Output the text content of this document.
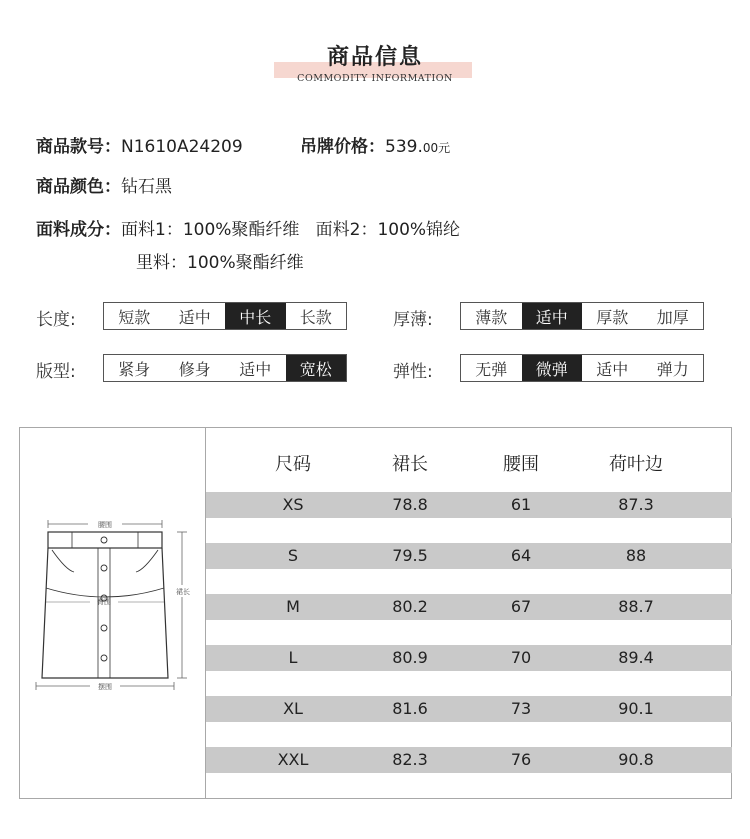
商品信息
COMMODITY INFORMATION
商品款号：N1610A24209	吊牌价格：539.00元
商品颜色：钻石黑
面料成分：面料1：100%聚酯纤维   面料2：100%锦纶
里料：100%聚酯纤维
长度:	短款	适中	中长	长款	厚薄:	薄款	适中	厚款	加厚
版型:	紧身	修身	适中	宽松	弹性:	无弹	微弹	适中	弹力
腰围
臀围
裙长
摆围
尺码	裙长	腰围	荷叶边
XS	78.8	61	87.3
S	79.5	64	88
M	80.2	67	88.7
L	80.9	70	89.4
XL	81.6	73	90.1
XXL	82.3	76	90.8
